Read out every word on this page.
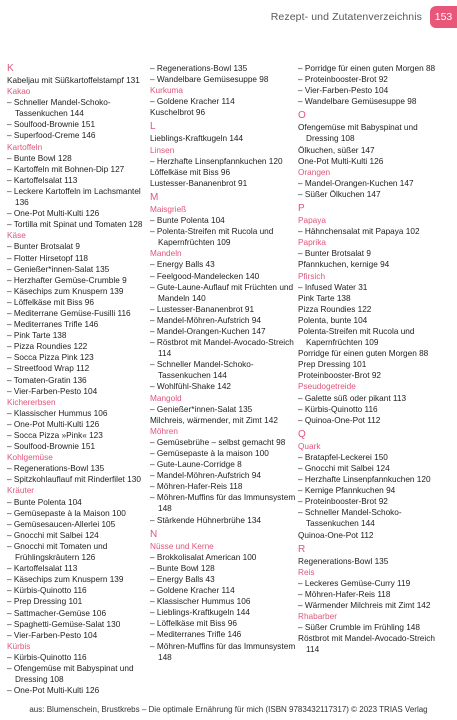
Rezept- und Zutatenverzeichnis	153
K
Kabeljau mit Süßkartoffelstampf 131
Kakao
– Schneller Mandel-Schoko-Tassenkuchen 144
– Soulfood-Brownie 151
– Superfood-Creme 146
Kartoffeln
– Bunte Bowl 128
– Kartoffeln mit Bohnen-Dip 127
– Kartoffelsalat 113
– Leckere Kartoffeln im Lachsmantel 136
– One-Pot Multi-Kulti 126
– Tortilla mit Spinat und Tomaten 128
Käse
– Bunter Brotsalat 9
– Flotter Hirsetopf 118
– Genießer*innen-Salat 135
– Herzhafter Gemüse-Crumble 9
– Käsechips zum Knuspern 139
– Löffelkäse mit Biss 96
– Mediterrane Gemüse-Fusilli 116
– Mediterranes Trifle 146
– Pink Tarte 138
– Pizza Roundies 122
– Socca Pizza Pink 123
– Streetfood Wrap 112
– Tomaten-Gratin 136
– Vier-Farben-Pesto 104
Kichererbsen
– Klassischer Hummus 106
– One-Pot Multi-Kulti 126
– Socca Pizza »Pink« 123
– Soulfood-Brownie 151
Kohlgemüse
– Regenerations-Bowl 135
– Spitzkohlauflauf mit Rinderfilet 130
Kräuter
– Bunte Polenta 104
– Gemüsepaste à la Maison 100
– Gemüsesaucen-Allerlei 105
– Gnocchi mit Salbei 124
– Gnocchi mit Tomaten und Frühlingskräutern 126
– Kartoffelsalat 113
– Käsechips zum Knuspern 139
– Kürbis-Quinotto 116
– Prep Dressing 101
– Sattmacher-Gemüse 106
– Spaghetti-Gemüse-Salat 130
– Vier-Farben-Pesto 104
Kürbis
– Kürbis-Quinotto 116
– Ofengemüse mit Babyspinat und Dressing 108
– One-Pot Multi-Kulti 126
– Regenerations-Bowl 135
– Wandelbare Gemüsesuppe 98
Kurkuma
– Goldene Kracher 114
Kuschelbrot 96
L
Lieblings-Kraftkugeln 144
Linsen
– Herzhafte Linsenpfannkuchen 120
Löffelkäse mit Biss 96
Lustesser-Bananenbrot 91
M
Maisgrieß
– Bunte Polenta 104
– Polenta-Streifen mit Rucola und Kapernfrüchten 109
Mandeln
– Energy Balls 43
– Feelgood-Mandelecken 140
– Gute-Laune-Auflauf mit Früchten und Mandeln 140
– Lustesser-Bananenbrot 91
– Mandel-Möhren-Aufstrich 94
– Mandel-Orangen-Kuchen 147
– Röstbrot mit Mandel-Avocado-Streich 114
– Schneller Mandel-Schoko-Tassenkuchen 144
– Wohlfühl-Shake 142
Mangold
– Genießer*innen-Salat 135
Milchreis, wärmender, mit Zimt 142
Möhren
– Gemüsebrühe – selbst gemacht 98
– Gemüsepaste à la maison 100
– Gute-Laune-Corridge 8
– Mandel-Möhren-Aufstrich 94
– Möhren-Hafer-Reis 118
– Möhren-Muffins für das Immunsystem 148
– Stärkende Hühnerbrühe 134
N
Nüsse und Kerne
– Brokkolisalat American 100
– Bunte Bowl 128
– Energy Balls 43
– Goldene Kracher 114
– Klassischer Hummus 106
– Lieblings-Kraftkugeln 144
– Löffelkäse mit Biss 96
– Mediterranes Trifle 146
– Möhren-Muffins für das Immunsystem 148
– Porridge für einen guten Morgen 88
– Proteinbooster-Brot 92
– Vier-Farben-Pesto 104
– Wandelbare Gemüsesuppe 98
O
Ofengemüse mit Babyspinat und Dressing 108
Ölkuchen, süßer 147
One-Pot Multi-Kulti 126
Orangen
– Mandel-Orangen-Kuchen 147
– Süßer Ölkuchen 147
P
Papaya
– Hähnchensalat mit Papaya 102
Paprika
– Bunter Brotsalat 9
Pfannkuchen, kernige 94
Pfirsich
– Infused Water 31
Pink Tarte 138
Pizza Roundies 122
Polenta, bunte 104
Polenta-Streifen mit Rucola und Kapernfrüchten 109
Porridge für einen guten Morgen 88
Prep Dressing 101
Proteinbooster-Brot 92
Pseudogetreide
– Galette süß oder pikant 113
– Kürbis-Quinotto 116
– Quinoa-One-Pot 112
Q
Quark
– Bratapfel-Leckerei 150
– Gnocchi mit Salbei 124
– Herzhafte Linsenpfannkuchen 120
– Kernige Pfannkuchen 94
– Proteinbooster-Brot 92
– Schneller Mandel-Schoko-Tassenkuchen 144
Quinoa-One-Pot 112
R
Regenerations-Bowl 135
Reis
– Leckeres Gemüse-Curry 119
– Möhren-Hafer-Reis 118
– Wärmender Milchreis mit Zimt 142
Rhabarber
– Süßer Crumble im Frühling 148
Röstbrot mit Mandel-Avocado-Streich 114
aus: Blumenschein, Brustkrebs – Die optimale Ernährung für mich (ISBN 9783432117317) © 2023 TRIAS Verlag
